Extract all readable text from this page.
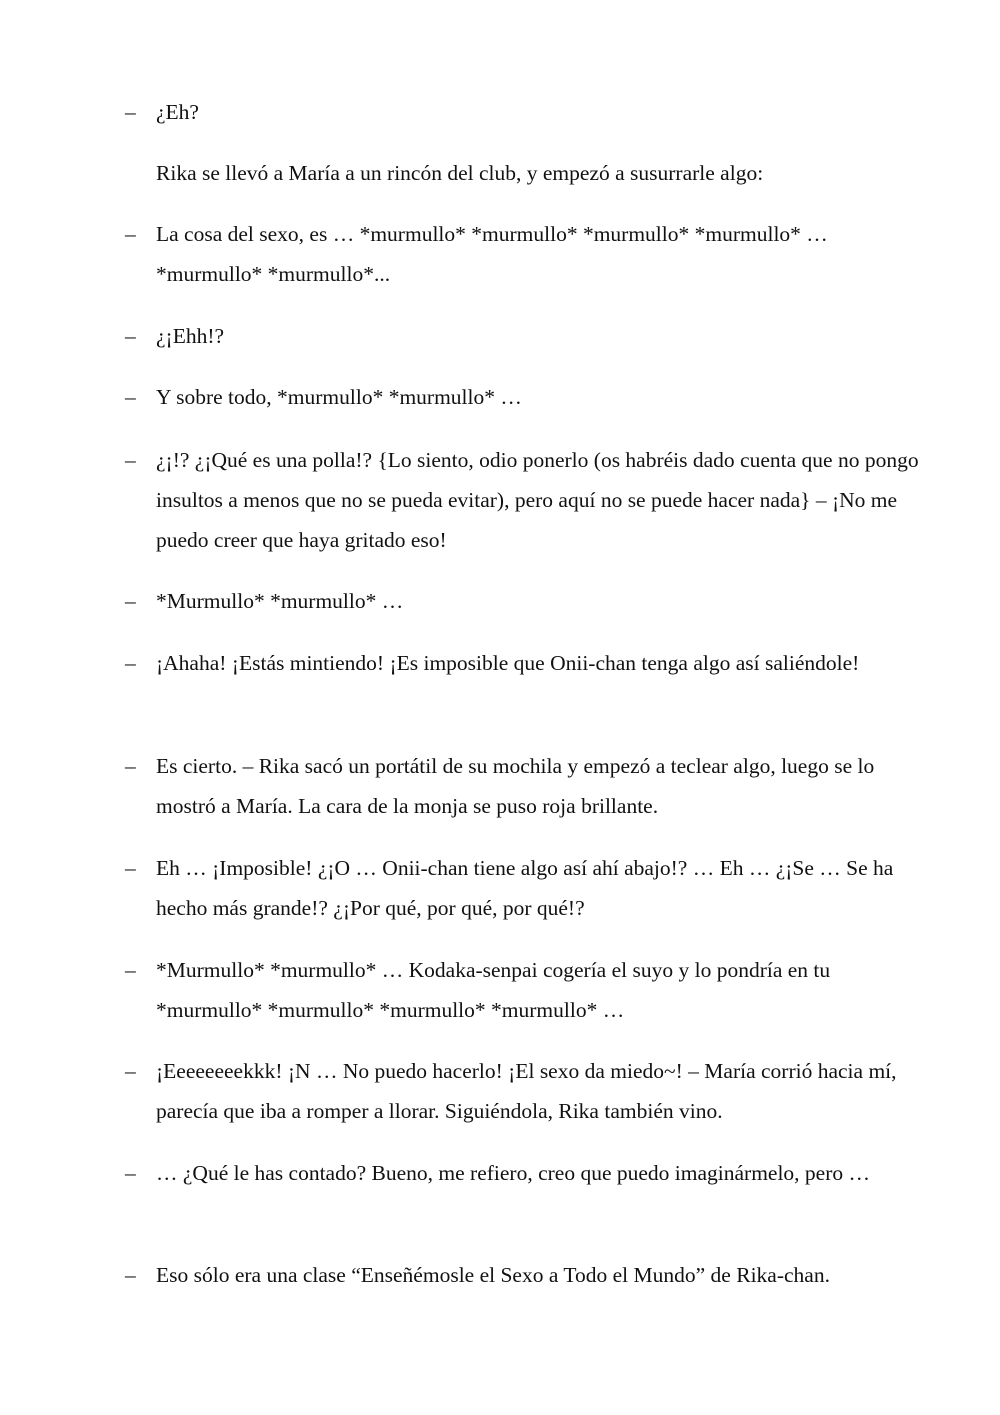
– ¿Eh?

Rika se llevó a María a un rincón del club, y empezó a susurrarle algo:

– La cosa del sexo, es … *murmullo* *murmullo* *murmullo* *murmullo* … *murmullo* *murmullo*...
– ¿¡Ehh!?
– Y sobre todo, *murmullo* *murmullo* …
– ¿¡!? ¿¡Qué es una polla!? {Lo siento, odio ponerlo (os habréis dado cuenta que no pongo insultos a menos que no se pueda evitar), pero aquí no se puede hacer nada} – ¡No me puedo creer que haya gritado eso!
– *Murmullo* *murmullo* …
– ¡Ahaha! ¡Estás mintiendo! ¡Es imposible que Onii-chan tenga algo así saliéndole!
– Es cierto. – Rika sacó un portátil de su mochila y empezó a teclear algo, luego se lo mostró a María. La cara de la monja se puso roja brillante.
– Eh … ¡Imposible! ¿¡O … Onii-chan tiene algo así ahí abajo!? … Eh … ¿¡Se … Se ha hecho más grande!? ¿¡Por qué, por qué, por qué!?
– *Murmullo* *murmullo* … Kodaka-senpai cogería el suyo y lo pondría en tu *murmullo* *murmullo* *murmullo* *murmullo* …
– ¡Eeeeeeeekkk! ¡N … No puedo hacerlo! ¡El sexo da miedo~! – María corrió hacia mí, parecía que iba a romper a llorar. Siguiéndola, Rika también vino.
– … ¿Qué le has contado? Bueno, me refiero, creo que puedo imaginármelo, pero …
– Eso sólo era una clase “Enseñémosle el Sexo a Todo el Mundo” de Rika-chan.
